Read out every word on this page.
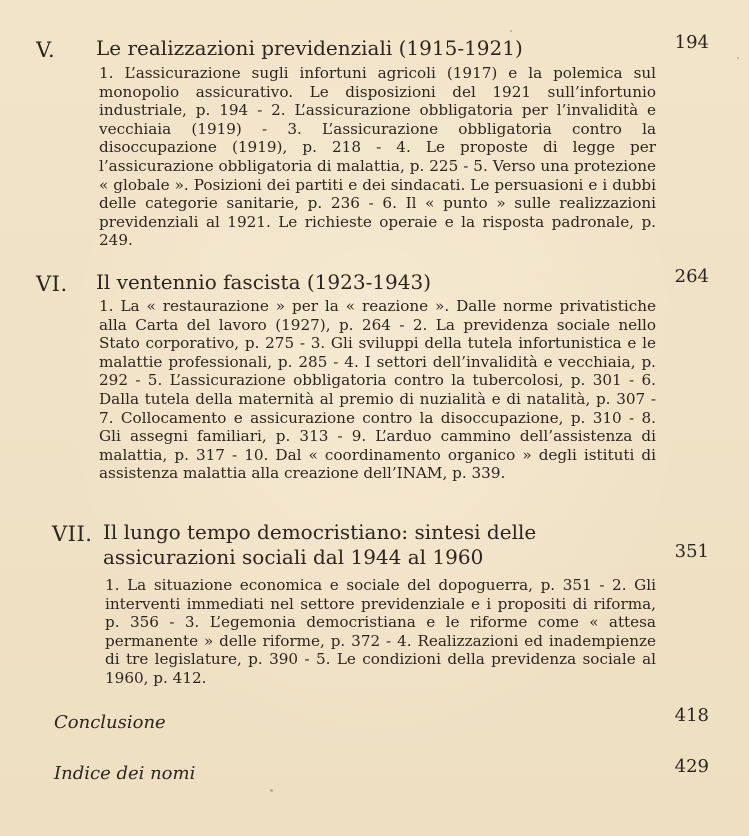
V. Le realizzazioni previdenziali (1915-1921)	194
1. L’assicurazione sugli infortuni agricoli (1917) e la polemica sul monopolio assicurativo. Le disposizioni del 1921 sull’infortunio industriale, p. 194 - 2. L’assicurazione obbligatoria per l’invalidità e vecchiaia (1919) - 3. L’assicurazione obbligatoria contro la disoccupazione (1919), p. 218 - 4. Le proposte di legge per l’assicurazione obbligatoria di malattia, p. 225 - 5. Verso una protezione « globale ». Posizioni dei partiti e dei sindacati. Le persuasioni e i dubbi delle categorie sanitarie, p. 236 - 6. Il « punto » sulle realizzazioni previdenziali al 1921. Le richieste operaie e la risposta padronale, p. 249.
VI. Il ventennio fascista (1923-1943)	264
1. La « restaurazione » per la « reazione ». Dalle norme privatistiche alla Carta del lavoro (1927), p. 264 - 2. La previdenza sociale nello Stato corporativo, p. 275 - 3. Gli sviluppi della tutela infortunistica e le malattie professionali, p. 285 - 4. I settori dell’invalidità e vecchiaia, p. 292 - 5. L’assicurazione obbligatoria contro la tubercolosi, p. 301 - 6. Dalla tutela della maternità al premio di nuzialità e di natalità, p. 307 - 7. Collocamento e assicurazione contro la disoccupazione, p. 310 - 8. Gli assegni familiari, p. 313 - 9. L’arduo cammino dell’assistenza di malattia, p. 317 - 10. Dal « coordinamento organico » degli istituti di assistenza malattia alla creazione dell’INAM, p. 339.
VII. Il lungo tempo democristiano: sintesi delle assicurazioni sociali dal 1944 al 1960	351
1. La situazione economica e sociale del dopoguerra, p. 351 - 2. Gli interventi immediati nel settore previdenziale e i propositi di riforma, p. 356 - 3. L’egemonia democristiana e le riforme come « attesa permanente » delle riforme, p. 372 - 4. Realizzazioni ed inadempienze di tre legislature, p. 390 - 5. Le condizioni della previdenza sociale al 1960, p. 412.
Conclusione	418
Indice dei nomi	429
